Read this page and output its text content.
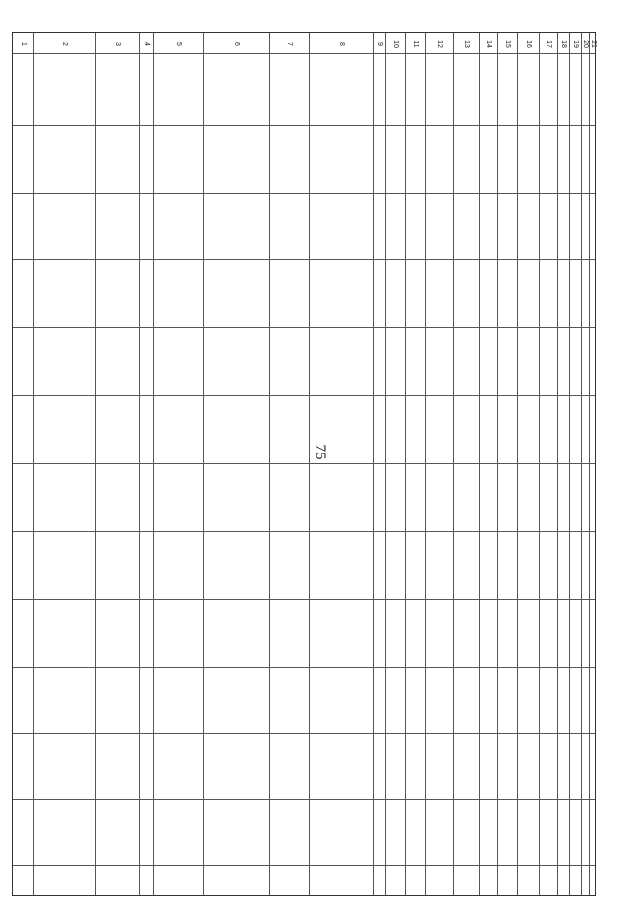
75
1	2	3	4	5	6	7	8	9	10	11	12	13	14	15	16	17	18 19 20 21
